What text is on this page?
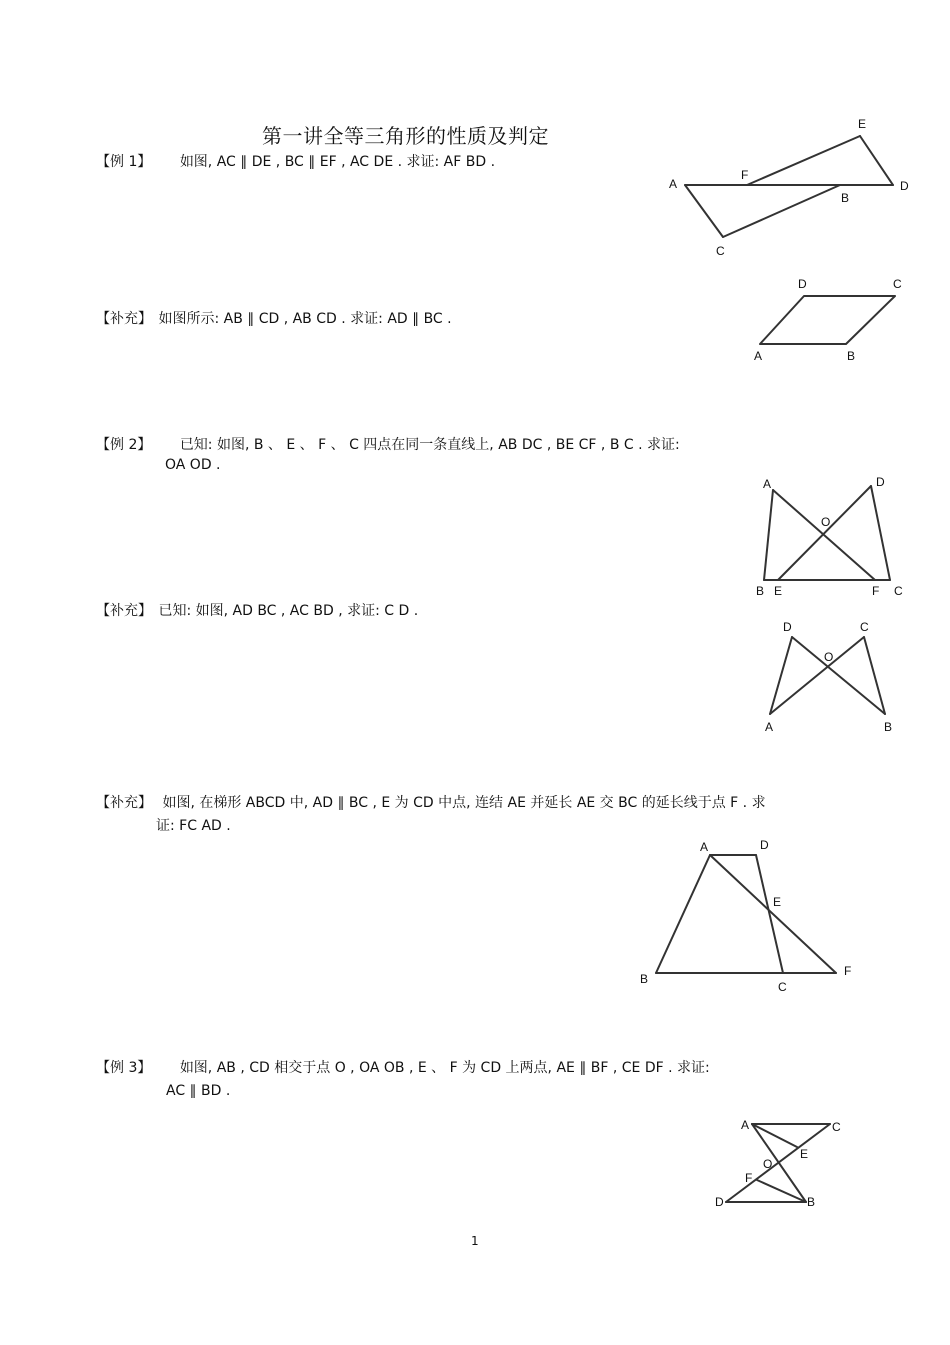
第一讲全等三角形的性质及判定
【例 1】 如图, AC ∥ DE , BC ∥ EF , AC DE . 求证: AF BD .
【补充】 如图所示: AB ∥ CD , AB CD . 求证: AD ∥ BC .
【例 2】 已知: 如图, B 、 E 、 F 、 C 四点在同一条直线上, AB DC , BE CF , B C . 求证:
OA OD .
【补充】 已知: 如图, AD BC , AC BD , 求证: C D .
【补充】 如图, 在梯形 ABCD 中, AD ∥ BC , E 为 CD 中点, 连结 AE 并延长 AE 交 BC 的延长线于点 F . 求
证: FC AD .
【例 3】 如图, AB , CD 相交于点 O , OA OB , E 、 F 为 CD 上两点, AE ∥ BF , CE DF . 求证:
AC ∥ BD .
1
A
B
C
D
E
F
A	B
C
D
A
B	C
D
E	F
O
A	B
C
D
O
A
B
C
D
E
F
A
B
C
D
E
F
O
